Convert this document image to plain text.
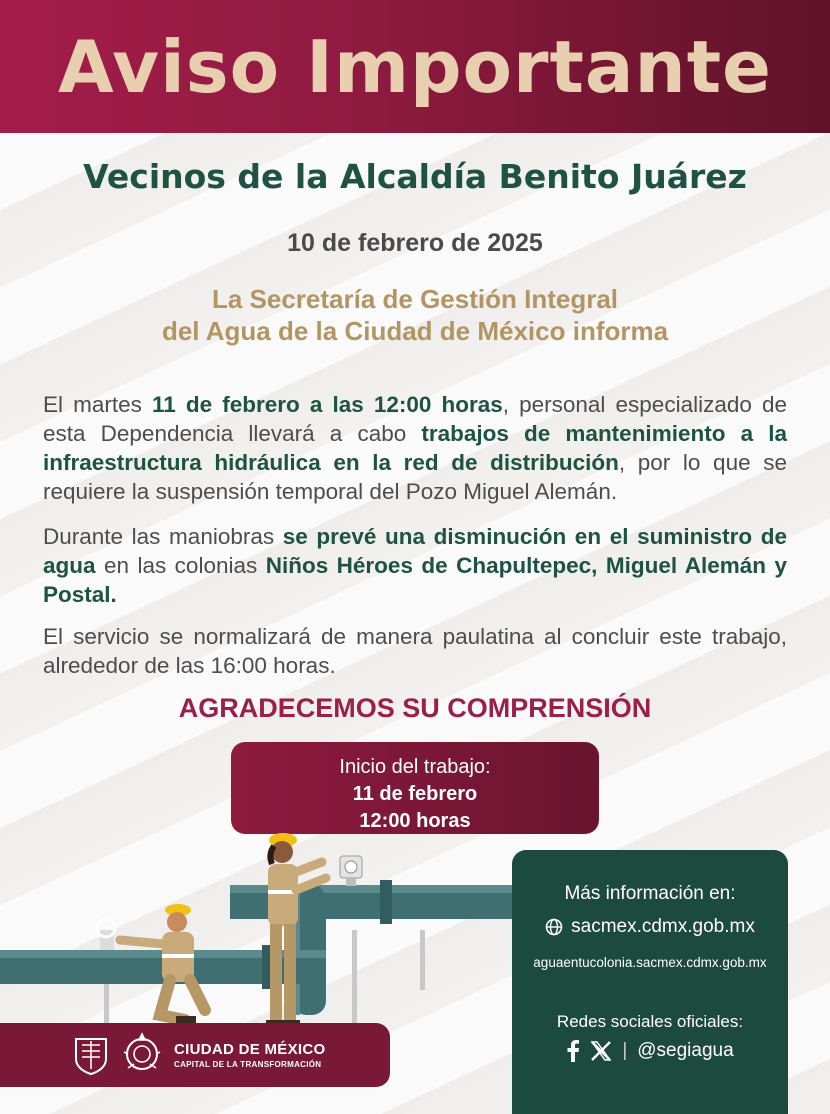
Aviso Importante
Vecinos de la Alcaldía Benito Juárez
10 de febrero de 2025
La Secretaría de Gestión Integral
del Agua de la Ciudad de México informa
El martes 11 de febrero a las 12:00 horas, personal especializado de esta Dependencia llevará a cabo trabajos de mantenimiento a la infraestructura hidráulica en la red de distribución, por lo que se requiere la suspensión temporal del Pozo Miguel Alemán.
Durante las maniobras se prevé una disminución en el suministro de agua en las colonias Niños Héroes de Chapultepec, Miguel Alemán y Postal.
El servicio se normalizará de manera paulatina al concluir este trabajo, alrededor de las 16:00 horas.
AGRADECEMOS SU COMPRENSIÓN
Inicio del trabajo:
11 de febrero
12:00 horas
Más información en:
sacmex.cdmx.gob.mx
aguaentucolonia.sacmex.cdmx.gob.mx
Redes sociales oficiales:
| @segiagua
CIUDAD DE MÉXICO
CAPITAL DE LA TRANSFORMACIÓN
